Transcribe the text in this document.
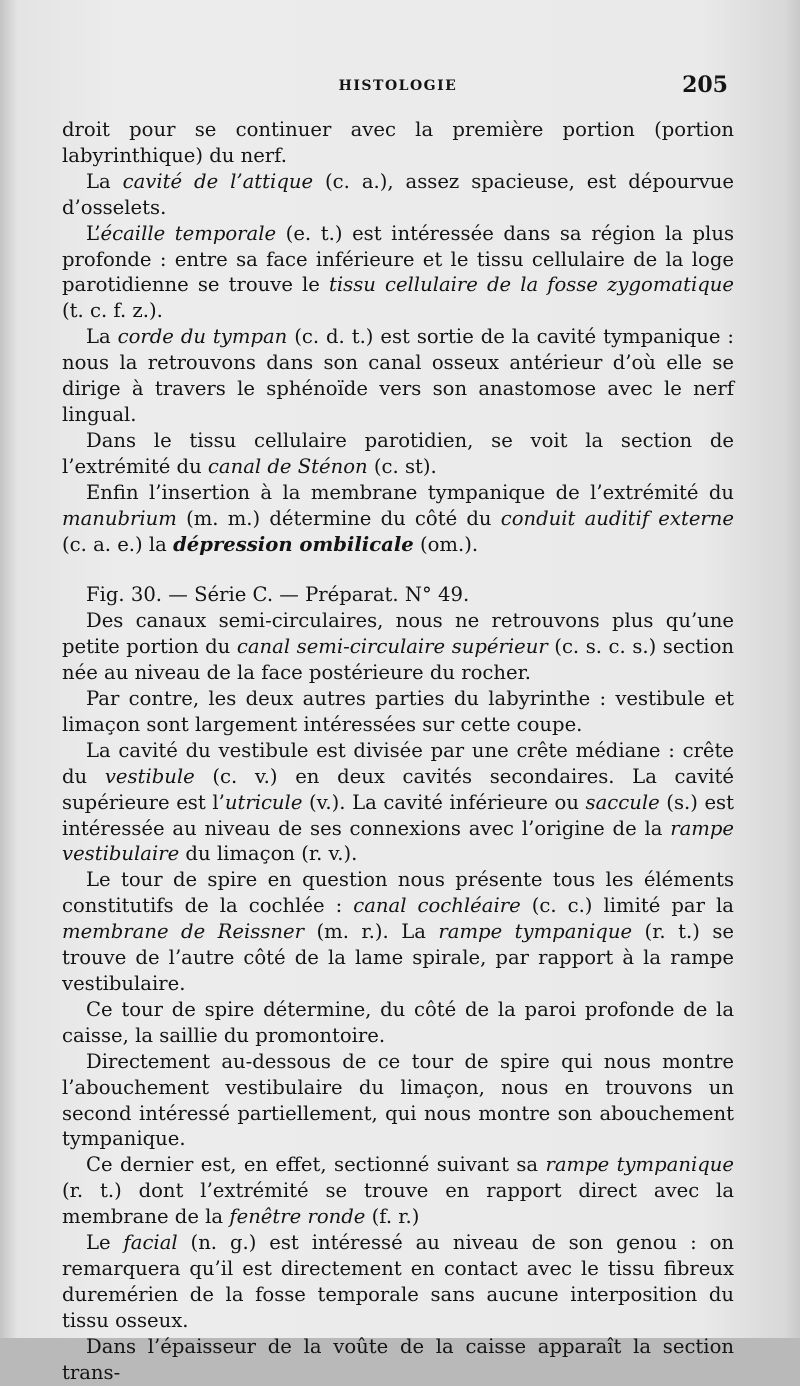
HISTOLOGIE	205

droit pour se continuer avec la première portion (portion labyrinthique) du nerf.

La cavité de l’attique (c. a.), assez spacieuse, est dépourvue d’osselets.

L’écaille temporale (e. t.) est intéressée dans sa région la plus profonde : entre sa face inférieure et le tissu cellulaire de la loge parotidienne se trouve le tissu cellulaire de la fosse zygomatique (t. c. f. z.).

La corde du tympan (c. d. t.) est sortie de la cavité tympanique : nous la retrouvons dans son canal osseux antérieur d’où elle se dirige à travers le sphénoïde vers son anastomose avec le nerf lingual.

Dans le tissu cellulaire parotidien, se voit la section de l’extrémité du canal de Sténon (c. st).

Enfin l’insertion à la membrane tympanique de l’extrémité du manubrium (m. m.) détermine du côté du conduit auditif externe (c. a. e.) la dépression ombilicale (om.).

Fig. 30. — Série C. — Préparat. N° 49.

Des canaux semi-circulaires, nous ne retrouvons plus qu’une petite portion du canal semi-circulaire supérieur (c. s. c. s.) section née au niveau de la face postérieure du rocher.

Par contre, les deux autres parties du labyrinthe : vestibule et limaçon sont largement intéressées sur cette coupe.

La cavité du vestibule est divisée par une crête médiane : crête du vestibule (c. v.) en deux cavités secondaires. La cavité supérieure est l’utricule (v.). La cavité inférieure ou saccule (s.) est intéressée au niveau de ses connexions avec l’origine de la rampe vestibulaire du limaçon (r. v.).

Le tour de spire en question nous présente tous les éléments constitutifs de la cochlée : canal cochléaire (c. c.) limité par la membrane de Reissner (m. r.). La rampe tympanique (r. t.) se trouve de l’autre côté de la lame spirale, par rapport à la rampe vestibulaire.

Ce tour de spire détermine, du côté de la paroi profonde de la caisse, la saillie du promontoire.

Directement au-dessous de ce tour de spire qui nous montre l’abouchement vestibulaire du limaçon, nous en trouvons un second intéressé partiellement, qui nous montre son abouchement tympanique.

Ce dernier est, en effet, sectionné suivant sa rampe tympanique (r. t.) dont l’extrémité se trouve en rapport direct avec la membrane de la fenêtre ronde (f. r.)

Le facial (n. g.) est intéressé au niveau de son genou : on remarquera qu’il est directement en contact avec le tissu fibreux duremérien de la fosse temporale sans aucune interposition du tissu osseux.

Dans l’épaisseur de la voûte de la caisse apparaît la section trans-
